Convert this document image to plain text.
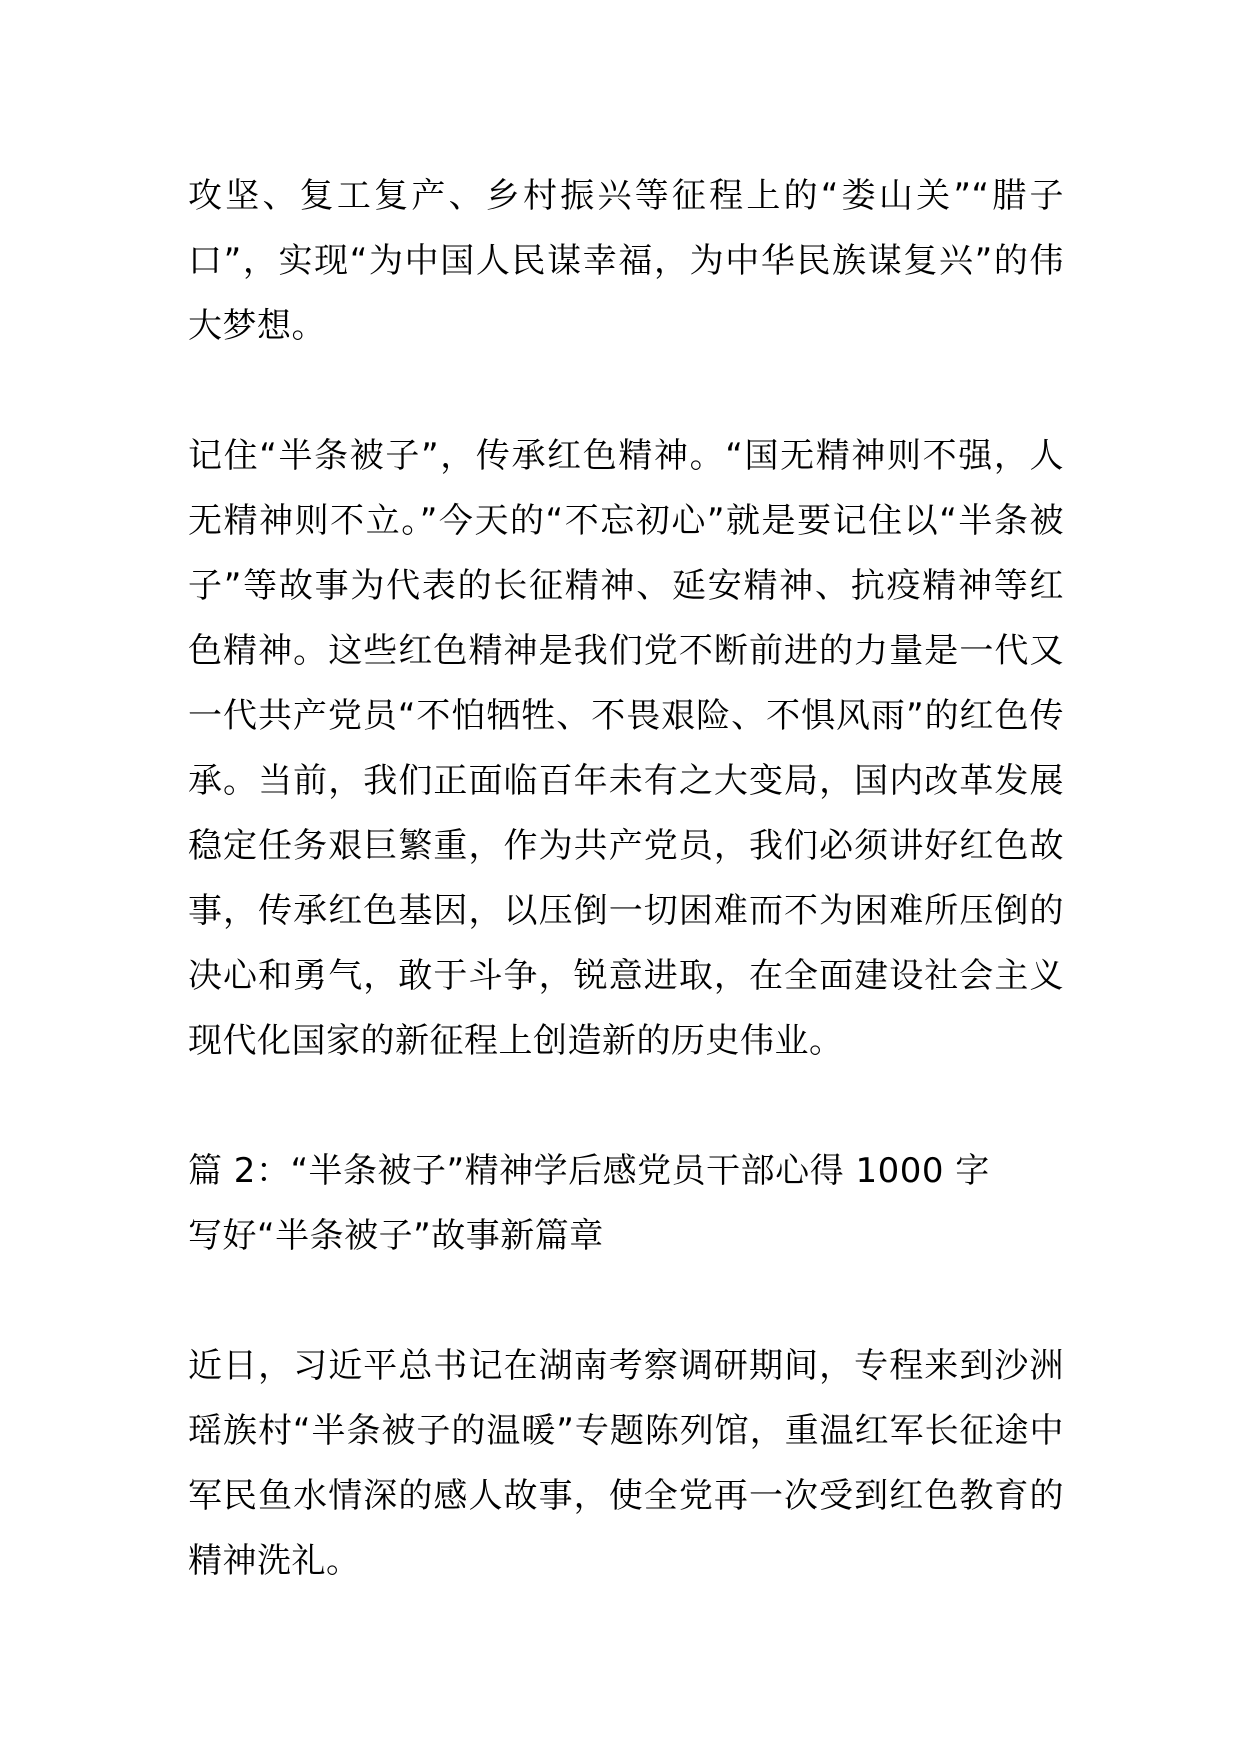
攻坚、复工复产、乡村振兴等征程上的“娄山关”“腊子口”，实现“为中国人民谋幸福，为中华民族谋复兴”的伟大梦想。

记住“半条被子”，传承红色精神。“国无精神则不强，人无精神则不立。”今天的“不忘初心”就是要记住以“半条被子”等故事为代表的长征精神、延安精神、抗疫精神等红色精神。这些红色精神是我们党不断前进的力量是一代又一代共产党员“不怕牺牲、不畏艰险、不惧风雨”的红色传承。当前，我们正面临百年未有之大变局，国内改革发展稳定任务艰巨繁重，作为共产党员，我们必须讲好红色故事，传承红色基因，以压倒一切困难而不为困难所压倒的决心和勇气，敢于斗争，锐意进取，在全面建设社会主义现代化国家的新征程上创造新的历史伟业。

篇 2：“半条被子”精神学后感党员干部心得 1000 字
写好“半条被子”故事新篇章

近日，习近平总书记在湖南考察调研期间，专程来到沙洲瑶族村“半条被子的温暖”专题陈列馆，重温红军长征途中军民鱼水情深的感人故事，使全党再一次受到红色教育的精神洗礼。
